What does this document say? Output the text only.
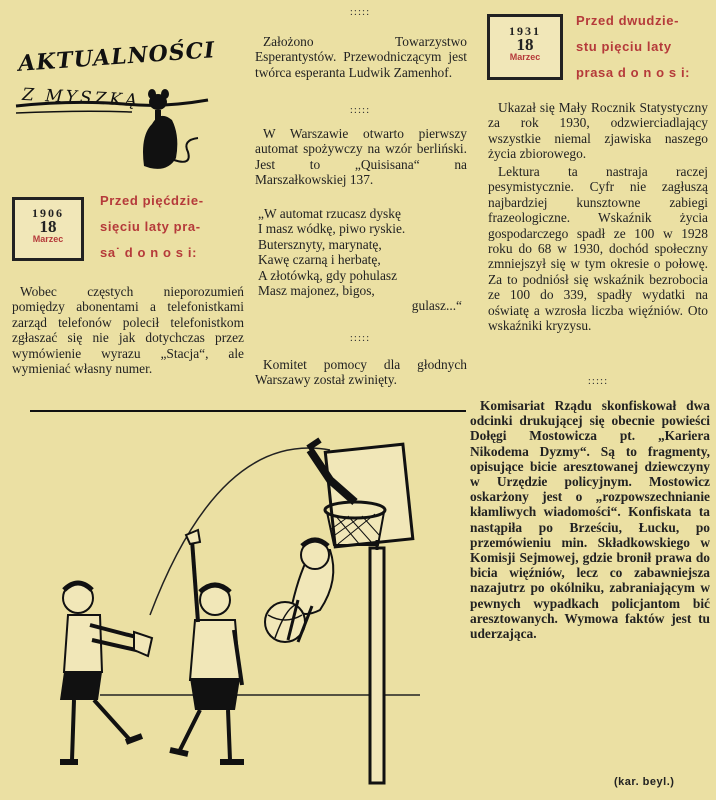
AKTUALNOŚCI
Z MYSZKĄ
1906
18
Marzec
Przed pięćdzie-
sięciu laty pra-
sa˙ d o n o s i:
Wobec częstych nieporozumień pomiędzy abonentami a telefonistkami zarząd telefonów polecił telefonistkom zgłaszać się nie jak dotychczas przez wymówienie wyrazu „Stacja“, ale wymieniać własny numer.
:::::
Założono Towarzystwo Esperantystów. Przewodniczącym jest twórca esperanta Ludwik Zamenhof.
:::::
W Warszawie otwarto pierwszy automat spożywczy na wzór berliński. Jest to „Quisisana“ na Marszałkowskiej 137.
„W automat rzucasz dyskę
I masz wódkę, piwo ryskie.
Butersznyty, marynatę,
Kawę czarną i herbatę,
A złotówką, gdy pohulasz
Masz majonez, bigos,
gulasz...“
:::::
Komitet pomocy dla głodnych Warszawy został zwinięty.
1931
18
Marzec
Przed dwudzie-
stu pięciu laty
prasa d o n o s i:
Ukazał się Mały Rocznik Statystyczny za rok 1930, odzwierciadlający wszystkie niemal zjawiska naszego życia zbiorowego.
Lektura ta nastraja raczej pesymistycznie. Cyfr nie zagłuszą najbardziej kunsztowne zabiegi frazeologiczne. Wskaźnik życia gospodarczego spadł ze 100 w 1928 roku do 68 w 1930, dochód społeczny zmniejszył się w tym okresie o połowę. Za to podniósł się wskaźnik bezrobocia ze 100 do 339, spadły wydatki na oświatę a wzrosła liczba więźniów. Oto wskaźniki kryzysu.
:::::
Komisariat Rządu skonfiskował dwa odcinki drukującej się obecnie powieści Dołęgi Mostowicza pt. „Kariera Nikodema Dyzmy“. Są to fragmenty, opisujące bicie aresztowanej dziewczyny w Urzędzie policyjnym. Mostowicz oskarżony jest o „rozpowszechnianie kłamliwych wiadomości“. Konfiskata ta nastąpiła po Brześciu, Łucku, po przemówieniu min. Składkowskiego w Komisji Sejmowej, gdzie bronił prawa do bicia więźniów, lecz co zabawniejsza nazajutrz po okólniku, zabraniającym w pewnych wypadkach policjantom bić aresztowanych. Wymowa faktów jest tu uderzająca.
(kar. beyl.)
